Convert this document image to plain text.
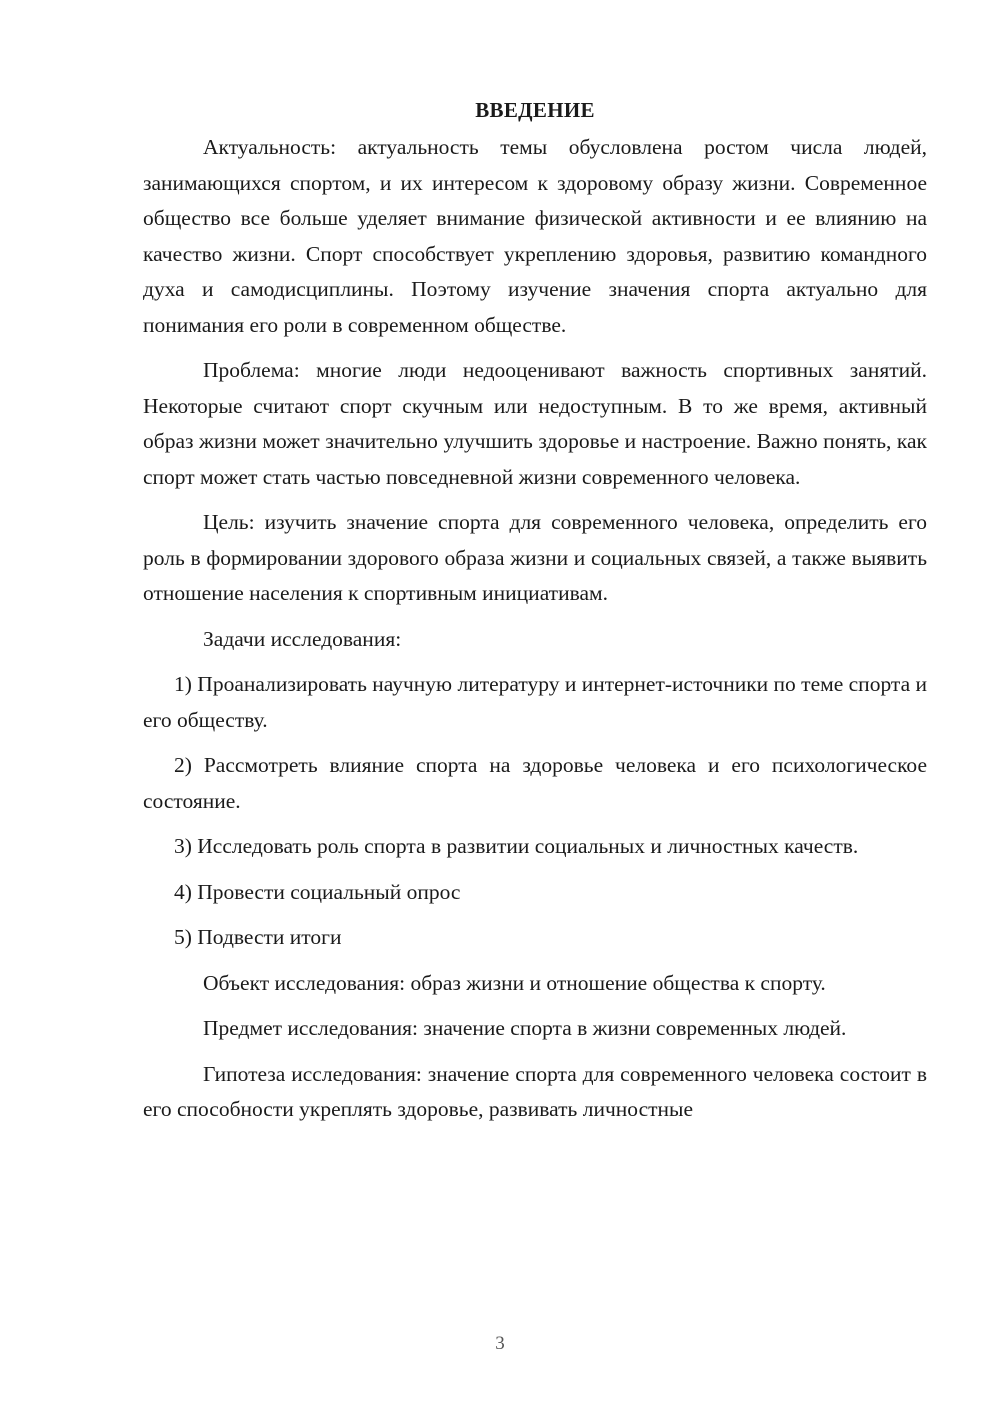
ВВЕДЕНИЕ

Актуальность: актуальность темы обусловлена ростом числа людей, занимающихся спортом, и их интересом к здоровому образу жизни. Современное общество все больше уделяет внимание физической активности и ее влиянию на качество жизни. Спорт способствует укреплению здоровья, развитию командного духа и самодисциплины. Поэтому изучение значения спорта актуально для понимания его роли в современном обществе.

Проблема: многие люди недооценивают важность спортивных занятий. Некоторые считают спорт скучным или недоступным. В то же время, активный образ жизни может значительно улучшить здоровье и настроение. Важно понять, как спорт может стать частью повседневной жизни современного человека.

Цель: изучить значение спорта для современного человека, определить его роль в формировании здорового образа жизни и социальных связей, а также выявить отношение населения к спортивным инициативам.

Задачи исследования:

1) Проанализировать научную литературу и интернет-источники по теме спорта и его обществу.

2) Рассмотреть влияние спорта на здоровье человека и его психологическое состояние.

3) Исследовать роль спорта в развитии социальных и личностных качеств.

4) Провести социальный опрос

5) Подвести итоги

Объект исследования: образ жизни и отношение общества к спорту.

Предмет исследования: значение спорта в жизни современных людей.

Гипотеза исследования: значение спорта для современного человека состоит в его способности укреплять здоровье, развивать личностные

3
